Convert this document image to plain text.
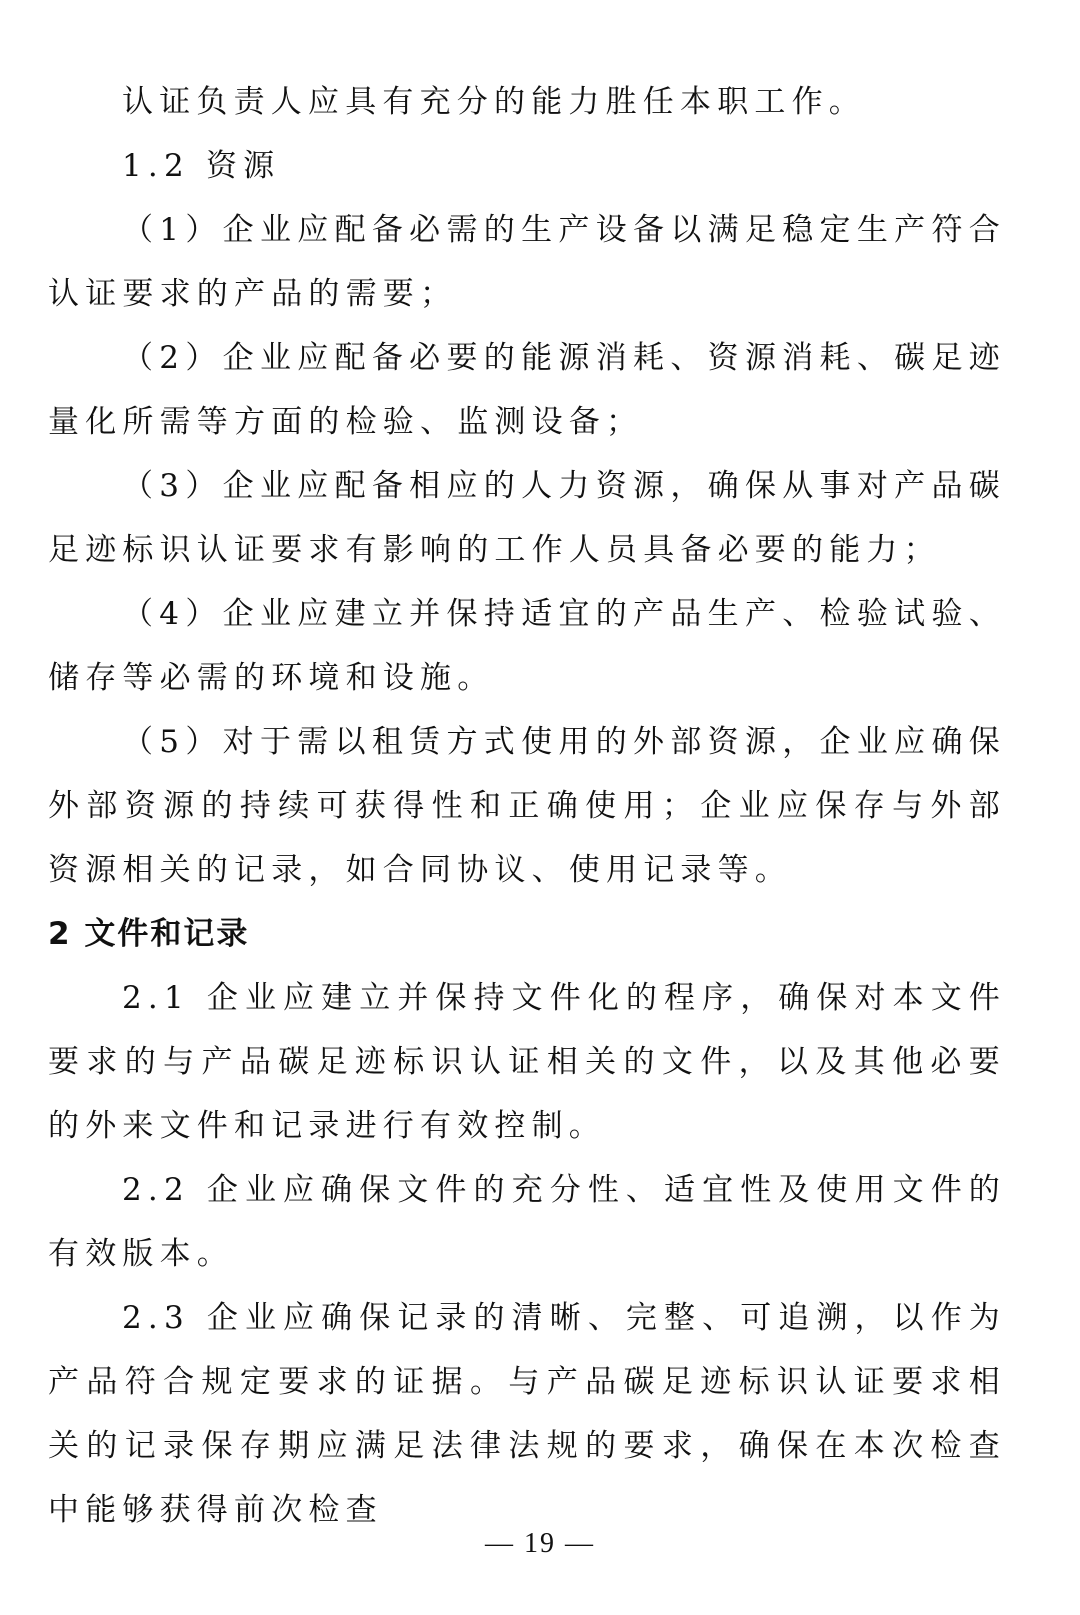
认证负责人应具有充分的能力胜任本职工作。

1.2 资源

（1）企业应配备必需的生产设备以满足稳定生产符合认证要求的产品的需要；

（2）企业应配备必要的能源消耗、资源消耗、碳足迹量化所需等方面的检验、监测设备；

（3）企业应配备相应的人力资源，确保从事对产品碳足迹标识认证要求有影响的工作人员具备必要的能力；

（4）企业应建立并保持适宜的产品生产、检验试验、储存等必需的环境和设施。

（5）对于需以租赁方式使用的外部资源，企业应确保外部资源的持续可获得性和正确使用；企业应保存与外部资源相关的记录，如合同协议、使用记录等。

2 文件和记录

2.1 企业应建立并保持文件化的程序，确保对本文件要求的与产品碳足迹标识认证相关的文件，以及其他必要的外来文件和记录进行有效控制。

2.2 企业应确保文件的充分性、适宜性及使用文件的有效版本。

2.3 企业应确保记录的清晰、完整、可追溯，以作为产品符合规定要求的证据。与产品碳足迹标识认证要求相关的记录保存期应满足法律法规的要求，确保在本次检查中能够获得前次检查

— 19 —
